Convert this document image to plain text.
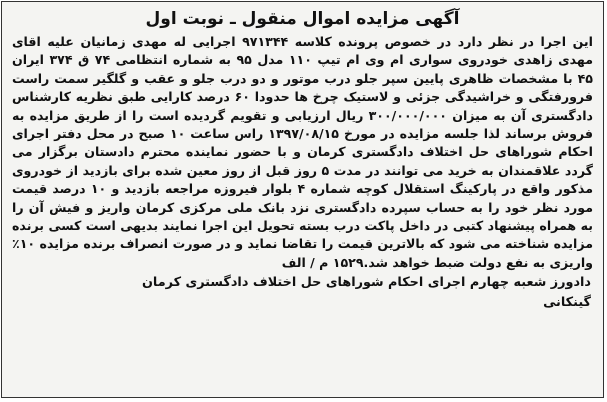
آگهی مزایده اموال منقول ـ نوبت اول
این اجرا در نظر دارد در خصوص پرونده کلاسه ۹۷۱۳۴۴ اجرایی له مهدی زمانیان علیه اقای مهدی زاهدی خودروی سواری ام وی ام تیپ ۱۱۰ مدل ۹۵ به شماره انتظامی ۷۴ ق ۳۷۴ ایران ۴۵ با مشخصات ظاهری پایین سپر جلو درب موتور و دو درب جلو و عقب و گلگیر سمت راست فرورفتگی و خراشیدگی جزئی و لاستیک چرخ ها حدودا ۶۰ درصد کارایی طبق نظریه کارشناس دادگستری آن به میزان ۳۰۰/۰۰۰/۰۰۰ ریال ارزیابی و تقویم گردیده است را از طریق مزایده به فروش برساند لذا جلسه مزایده در مورخ ۱۳۹۷/۰۸/۱۵ راس ساعت ۱۰ صبح در محل دفتر اجرای احکام شوراهای حل اختلاف دادگستری کرمان و با حضور نماینده محترم دادستان برگزار می گردد علاقمندان به خرید می توانند در مدت ۵ روز قبل از روز معین شده برای بازدید از خودروی مذکور واقع در پارکینگ استقلال کوچه شماره ۴ بلوار فیروزه مراجعه بازدید و ۱۰ درصد قیمت مورد نظر خود را به حساب سپرده دادگستری نزد بانک ملی مرکزی کرمان واریز و فیش آن را به همراه پیشنهاد کتبی در داخل پاکت درب بسته تحویل این اجرا نمایند بدیهی است کسی برنده مزایده شناخته می شود که بالاترین قیمت را تقاضا نماید و در صورت انصراف برنده مزایده ۱۰٪ واریزی به نفع دولت ضبط خواهد شد.۱۵۲۹ م / الف
دادورز شعبه چهارم اجرای احکام شوراهای حل اختلاف دادگستری کرمان
گینکانی
